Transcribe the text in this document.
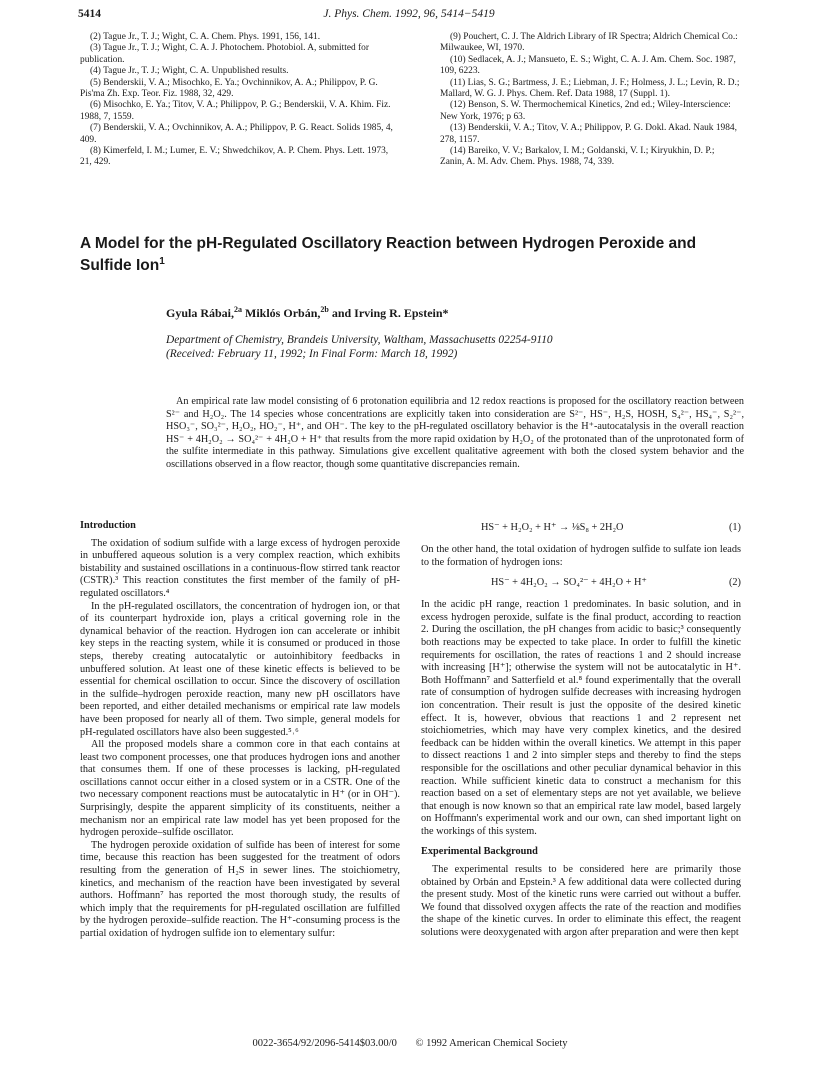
5414	J. Phys. Chem. 1992, 96, 5414−5419

(2) Tague Jr., T. J.; Wight, C. A. Chem. Phys. 1991, 156, 141.

(3) Tague Jr., T. J.; Wight, C. A. J. Photochem. Photobiol. A, submitted for publication.

(4) Tague Jr., T. J.; Wight, C. A. Unpublished results.

(5) Benderskii, V. A.; Misochko, E. Ya.; Ovchinnikov, A. A.; Philippov, P. G. Pis'ma Zh. Exp. Teor. Fiz. 1988, 32, 429.

(6) Misochko, E. Ya.; Titov, V. A.; Philippov, P. G.; Benderskii, V. A. Khim. Fiz. 1988, 7, 1559.

(7) Benderskii, V. A.; Ovchinnikov, A. A.; Philippov, P. G. React. Solids 1985, 4, 409.

(8) Kimerfeld, I. M.; Lumer, E. V.; Shwedchikov, A. P. Chem. Phys. Lett. 1973, 21, 429.

(9) Pouchert, C. J. The Aldrich Library of IR Spectra; Aldrich Chemical Co.: Milwaukee, WI, 1970.

(10) Sedlacek, A. J.; Mansueto, E. S.; Wight, C. A. J. Am. Chem. Soc. 1987, 109, 6223.

(11) Lias, S. G.; Bartmess, J. E.; Liebman, J. F.; Holmess, J. L.; Levin, R. D.; Mallard, W. G. J. Phys. Chem. Ref. Data 1988, 17 (Suppl. 1).

(12) Benson, S. W. Thermochemical Kinetics, 2nd ed.; Wiley-Interscience: New York, 1976; p 63.

(13) Benderskii, V. A.; Titov, V. A.; Philippov, P. G. Dokl. Akad. Nauk 1984, 278, 1157.

(14) Bareiko, V. V.; Barkalov, I. M.; Goldanski, V. I.; Kiryukhin, D. P.; Zanin, A. M. Adv. Chem. Phys. 1988, 74, 339.

A Model for the pH-Regulated Oscillatory Reaction between Hydrogen Peroxide and Sulfide Ion$^1$
Gyula Rábai,$^{2a}$ Miklós Orbán,$^{2b}$ and Irving R. Epstein*
Department of Chemistry, Brandeis University, Waltham, Massachusetts 02254-9110
(Received: February 11, 1992; In Final Form: March 18, 1992)

An empirical rate law model consisting of 6 protonation equilibria and 12 redox reactions is proposed for the oscillatory reaction between S²⁻ and H₂O₂. The 14 species whose concentrations are explicitly taken into consideration are S²⁻, HS⁻, H₂S, HOSH, S₄²⁻, HS₄⁻, S₂²⁻, HSO₃⁻, SO₃²⁻, H₂O₂, HO₂⁻, H⁺, and OH⁻. The key to the pH-regulated oscillatory behavior is the H⁺-autocatalysis in the overall reaction HS⁻ + 4H₂O₂ → SO₄²⁻ + 4H₂O + H⁺ that results from the more rapid oxidation by H₂O₂ of the protonated than of the unprotonated form of the sulfite intermediate in this pathway. Simulations give excellent qualitative agreement with both the closed system behavior and the oscillations observed in a flow reactor, though some quantitative discrepancies remain.

Introduction

The oxidation of sodium sulfide with a large excess of hydrogen peroxide in unbuffered aqueous solution is a very complex reaction, which exhibits bistability and sustained oscillations in a continuous-flow stirred tank reactor (CSTR).³ This reaction constitutes the first member of the family of pH-regulated oscillators.⁴

In the pH-regulated oscillators, the concentration of hydrogen ion, or that of its counterpart hydroxide ion, plays a critical governing role in the dynamical behavior of the reaction. Hydrogen ion can accelerate or inhibit key steps in the reacting system, while it is consumed or produced in those steps, thereby creating autocatalytic or autoinhibitory feedbacks in unbuffered solution. At least one of these kinetic effects is believed to be essential for chemical oscillation to occur. Since the discovery of oscillation in the sulfide–hydrogen peroxide reaction, many new pH oscillators have been reported, and either detailed mechanisms or empirical rate law models have been proposed for nearly all of them. Two simple, general models for pH-regulated oscillators have also been suggested.⁵˒⁶

All the proposed models share a common core in that each contains at least two component processes, one that produces hydrogen ions and another that consumes them. If one of these processes is lacking, pH-regulated oscillations cannot occur either in a closed system or in a CSTR. One of the two necessary component reactions must be autocatalytic in H⁺ (or in OH⁻). Surprisingly, despite the apparent simplicity of its constituents, neither a mechanism nor an empirical rate law model has yet been proposed for the hydrogen peroxide–sulfide oscillator.

The hydrogen peroxide oxidation of sulfide has been of interest for some time, because this reaction has been suggested for the treatment of odors resulting from the generation of H₂S in sewer lines. The stoichiometry, kinetics, and mechanism of the reaction have been investigated by several authors. Hoffmann⁷ has reported the most thorough study, the results of which imply that the requirements for pH-regulated oscillation are fulfilled by the hydrogen peroxide–sulfide reaction. The H⁺-consuming process is the partial oxidation of hydrogen sulfide ion to elementary sulfur:

HS⁻ + H₂O₂ + H⁺ → ⅛S₈ + 2H₂O	(1)

On the other hand, the total oxidation of hydrogen sulfide to sulfate ion leads to the formation of hydrogen ions:

HS⁻ + 4H₂O₂ → SO₄²⁻ + 4H₂O + H⁺	(2)

In the acidic pH range, reaction 1 predominates. In basic solution, and in excess hydrogen peroxide, sulfate is the final product, according to reaction 2. During the oscillation, the pH changes from acidic to basic;³ consequently both reactions may be expected to take place. In order to fulfill the kinetic requirements for oscillation, the rates of reactions 1 and 2 should increase with increasing [H⁺]; otherwise the system will not be autocatalytic in H⁺. Both Hoffmann⁷ and Satterfield et al.⁸ found experimentally that the overall rate of consumption of hydrogen sulfide decreases with increasing hydrogen ion concentration. Their result is just the opposite of the desired kinetic effect. It is, however, obvious that reactions 1 and 2 represent net stoichiometries, which may have very complex kinetics, and the desired feedback can be hidden within the overall kinetics. We attempt in this paper to dissect reactions 1 and 2 into simpler steps and thereby to find the steps responsible for the oscillations and other peculiar dynamical behavior in this reaction. While sufficient kinetic data to construct a mechanism for this reaction based on a set of elementary steps are not yet available, we believe that enough is now known so that an empirical rate law model, based largely on Hoffmann's experimental work and our own, can shed important light on the workings of this system.

Experimental Background

The experimental results to be considered here are primarily those obtained by Orbán and Epstein.³ A few additional data were collected during the present study. Most of the kinetic runs were carried out without a buffer. We found that dissolved oxygen affects the rate of the reaction and modifies the shape of the kinetic curves. In order to eliminate this effect, the reagent solutions were deoxygenated with argon after preparation and were then kept

0022-3654/92/2096-5414$03.00/0 © 1992 American Chemical Society
